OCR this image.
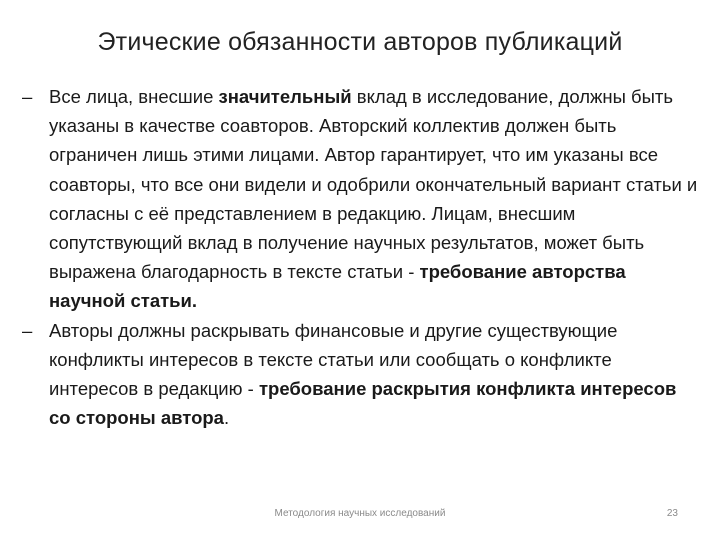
Этические обязанности авторов публикаций
– Все лица, внесшие значительный вклад в исследование, должны быть указаны в качестве соавторов. Авторский коллектив должен быть ограничен лишь этими лицами. Автор гарантирует, что им указаны все соавторы, что все они видели и одобрили окончательный вариант статьи и согласны с её представлением в редакцию. Лицам, внесшим сопутствующий вклад в получение научных результатов, может быть выражена благодарность в тексте статьи - требование авторства научной статьи.
– Авторы должны раскрывать финансовые и другие существующие конфликты интересов в тексте статьи или сообщать о конфликте интересов в редакцию - требование раскрытия конфликта интересов со стороны автора.
Методология научных исследований	23
